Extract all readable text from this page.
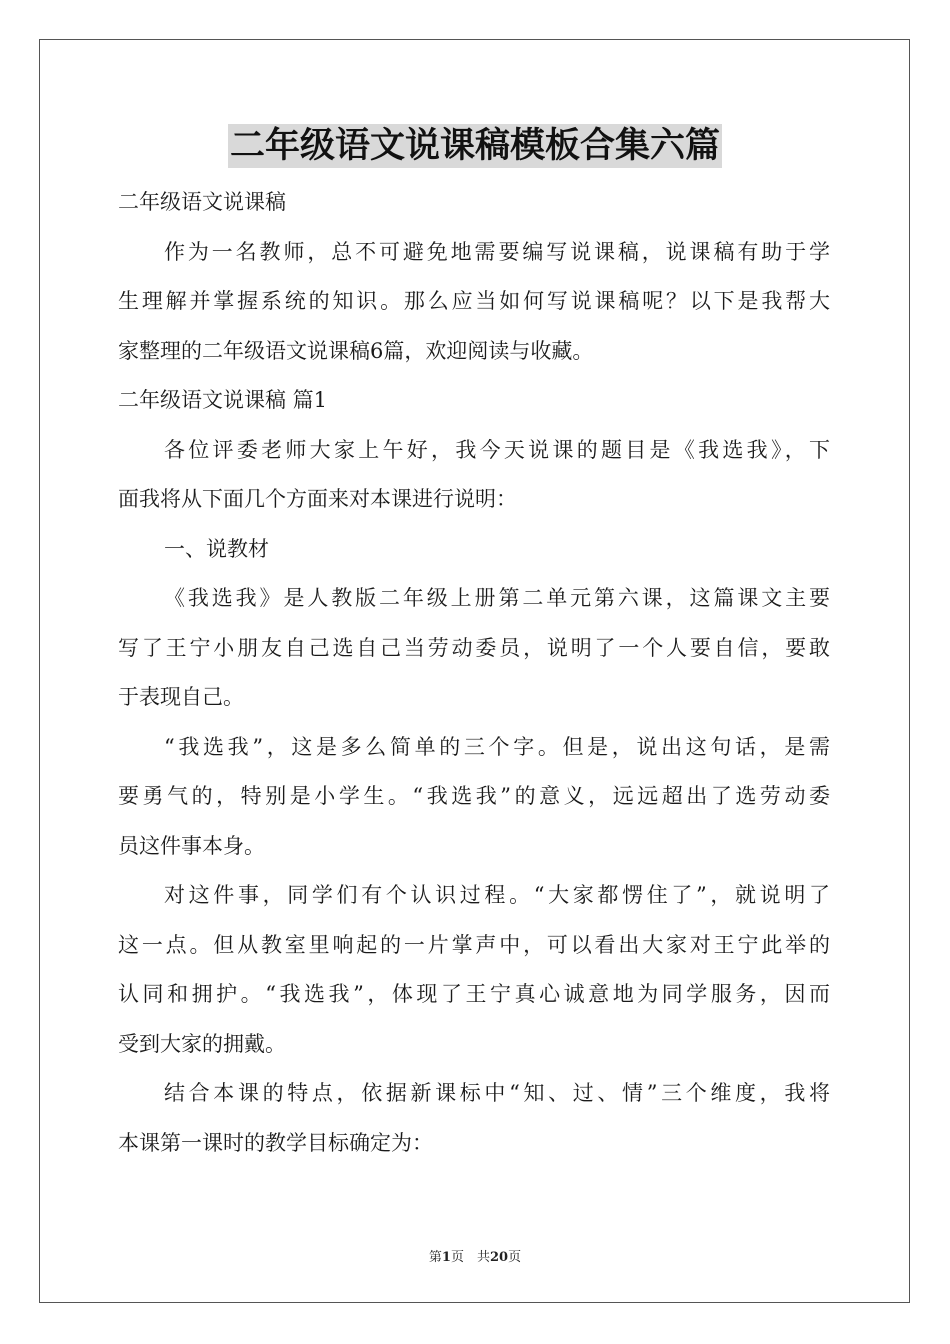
二年级语文说课稿模板合集六篇
二年级语文说课稿
作为一名教师，总不可避免地需要编写说课稿，说课稿有助于学
生理解并掌握系统的知识。那么应当如何写说课稿呢？以下是我帮大
家整理的二年级语文说课稿6篇，欢迎阅读与收藏。
二年级语文说课稿 篇1
各位评委老师大家上午好，我今天说课的题目是《我选我》，下
面我将从下面几个方面来对本课进行说明：
一、说教材
《我选我》是人教版二年级上册第二单元第六课，这篇课文主要
写了王宁小朋友自己选自己当劳动委员，说明了一个人要自信，要敢
于表现自己。
“我选我”，这是多么简单的三个字。但是，说出这句话，是需
要勇气的，特别是小学生。“我选我”的意义，远远超出了选劳动委
员这件事本身。
对这件事，同学们有个认识过程。“大家都愣住了”，就说明了
这一点。但从教室里响起的一片掌声中，可以看出大家对王宁此举的
认同和拥护。“我选我”，体现了王宁真心诚意地为同学服务，因而
受到大家的拥戴。
结合本课的特点，依据新课标中“知、过、情”三个维度，我将
本课第一课时的教学目标确定为：
第1页　共20页
